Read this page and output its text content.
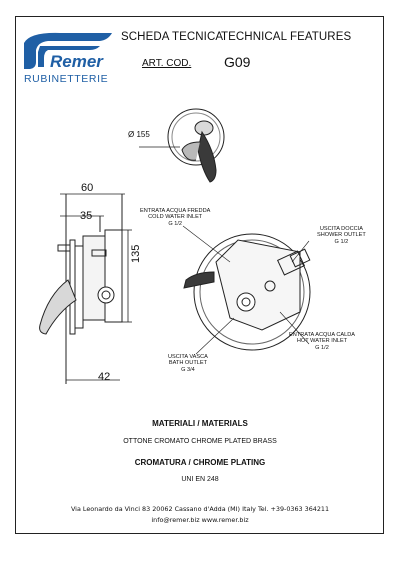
SCHEDA TECNICA
TECHNICAL FEATURES
ART. COD. G09
Remer
RUBINETTERIE
60
35
135
42
Ø 155
ENTRATA ACQUA FREDDA
COLD WATER INLET
G 1/2
USCITA DOCCIA
SHOWER OUTLET
G 1/2
ENTRATA ACQUA CALDA
HOT WATER INLET
G 1/2
USCITA VASCA
BATH OUTLET
G 3/4
MATERIALI / MATERIALS
OTTONE CROMATO CHROME PLATED BRASS
CROMATURA / CHROME PLATING
UNI EN 248
Via Leonardo da Vinci 83 20062 Cassano d'Adda (MI) Italy Tel. +39-0363 364211
info@remer.biz www.remer.biz
